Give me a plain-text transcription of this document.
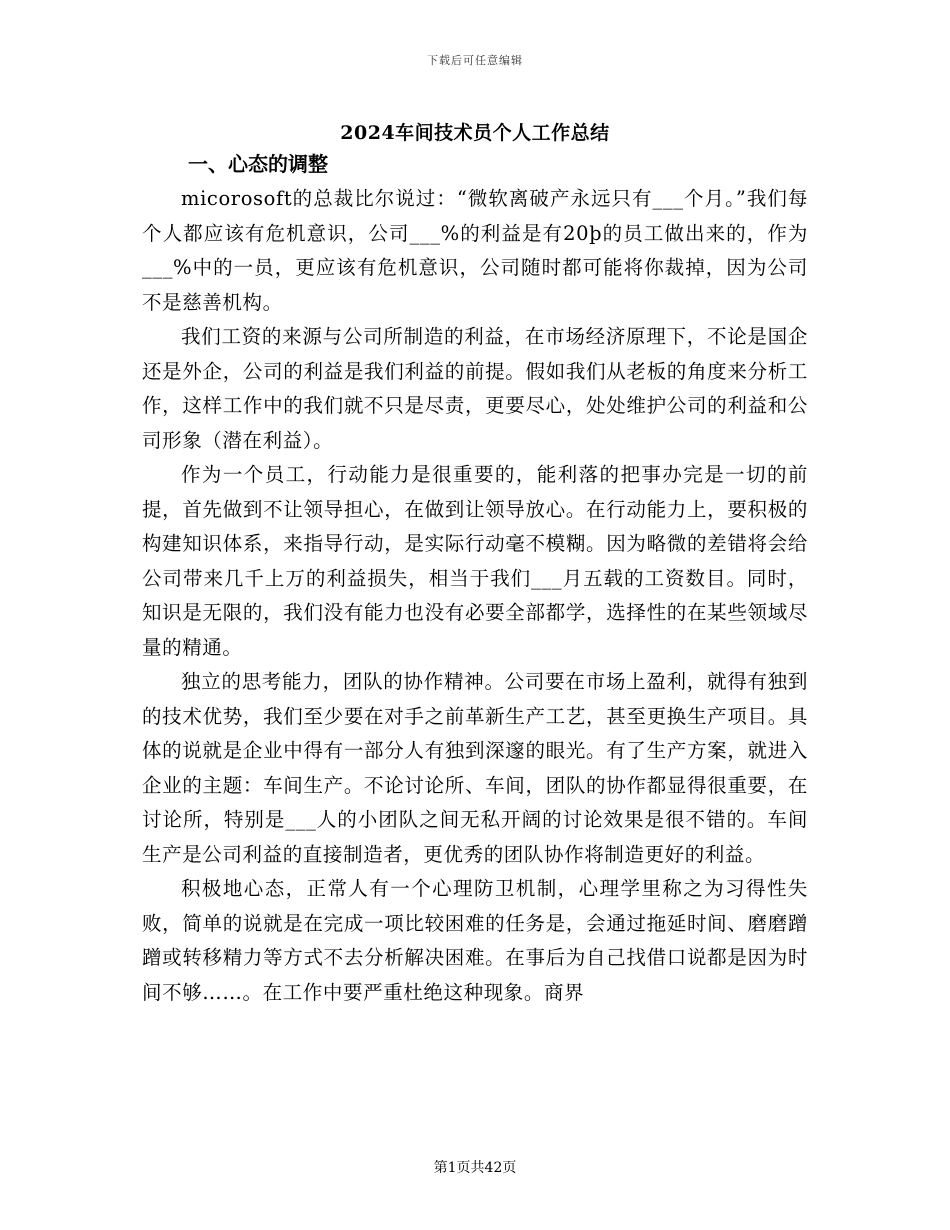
下载后可任意编辑
2024车间技术员个人工作总结
一、心态的调整

micorosoft的总裁比尔说过：“微软离破产永远只有___个月。”我们每个人都应该有危机意识，公司___%的利益是有20þ的员工做出来的，作为___%中的一员，更应该有危机意识，公司随时都可能将你裁掉，因为公司不是慈善机构。

我们工资的来源与公司所制造的利益，在市场经济原理下，不论是国企还是外企，公司的利益是我们利益的前提。假如我们从老板的角度来分析工作，这样工作中的我们就不只是尽责，更要尽心，处处维护公司的利益和公司形象（潜在利益）。

作为一个员工，行动能力是很重要的，能利落的把事办完是一切的前提，首先做到不让领导担心，在做到让领导放心。在行动能力上，要积极的构建知识体系，来指导行动，是实际行动毫不模糊。因为略微的差错将会给公司带来几千上万的利益损失，相当于我们___月五载的工资数目。同时，知识是无限的，我们没有能力也没有必要全部都学，选择性的在某些领域尽量的精通。

独立的思考能力，团队的协作精神。公司要在市场上盈利，就得有独到的技术优势，我们至少要在对手之前革新生产工艺，甚至更换生产项目。具体的说就是企业中得有一部分人有独到深邃的眼光。有了生产方案，就进入企业的主题：车间生产。不论讨论所、车间，团队的协作都显得很重要，在讨论所，特别是___人的小团队之间无私开阔的讨论效果是很不错的。车间生产是公司利益的直接制造者，更优秀的团队协作将制造更好的利益。

积极地心态，正常人有一个心理防卫机制，心理学里称之为习得性失败，简单的说就是在完成一项比较困难的任务是，会通过拖延时间、磨磨蹭蹭或转移精力等方式不去分析解决困难。在事后为自己找借口说都是因为时间不够……。在工作中要严重杜绝这种现象。商界

第1页共42页
